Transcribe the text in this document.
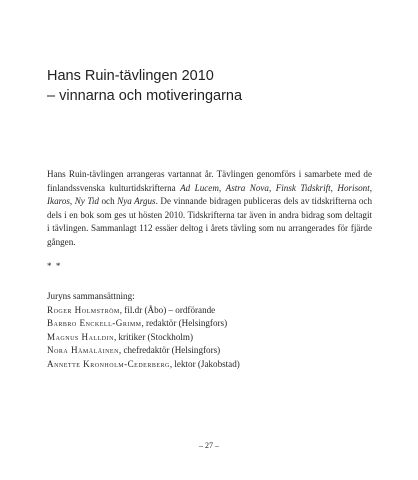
Hans Ruin-tävlingen 2010
– vinnarna och motiveringarna

Hans Ruin-tävlingen arrangeras vartannat år. Tävlingen genomförs i samarbete med de finlandssvenska kulturtidskrifterna Ad Lucem, Astra Nova, Finsk Tidskrift, Horisont, Ikaros, Ny Tid och Nya Argus. De vinnande bidragen publiceras dels av tidskrifterna och dels i en bok som ges ut hösten 2010. Tidskrifterna tar även in andra bidrag som deltagit i tävlingen. Sammanlagt 112 essäer deltog i årets tävling som nu arrangerades för fjärde gången.

* *
Juryns sammansättning:
Roger Holmström, fil.dr (Åbo) – ordförande
Barbro Enckell-Grimm, redaktör (Helsingfors)
Magnus Halldin, kritiker (Stockholm)
Nora Hämäläinen, chefredaktör (Helsingfors)
Annette Kronholm-Cederberg, lektor (Jakobstad)
– 27 –
